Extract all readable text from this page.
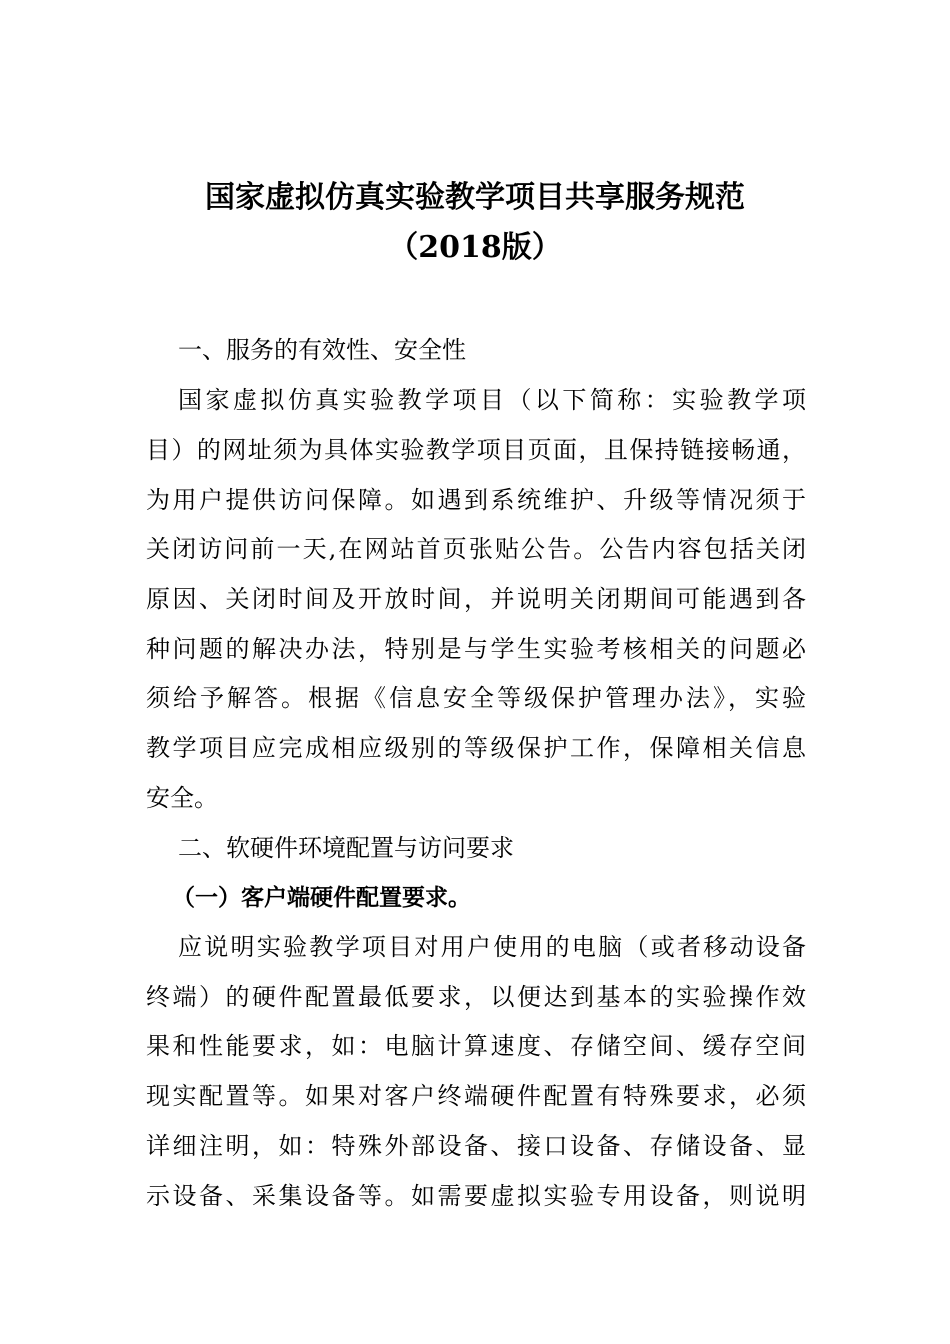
国家虚拟仿真实验教学项目共享服务规范
（2018版）
一、服务的有效性、安全性
国家虚拟仿真实验教学项目（以下简称：实验教学项
目）的网址须为具体实验教学项目页面，且保持链接畅通，
为用户提供访问保障。如遇到系统维护、升级等情况须于
关闭访问前一天,在网站首页张贴公告。公告内容包括关闭
原因、关闭时间及开放时间，并说明关闭期间可能遇到各
种问题的解决办法，特别是与学生实验考核相关的问题必
须给予解答。根据《信息安全等级保护管理办法》，实验
教学项目应完成相应级别的等级保护工作，保障相关信息
安全。
二、软硬件环境配置与访问要求
（一）客户端硬件配置要求。
应说明实验教学项目对用户使用的电脑（或者移动设备
终端）的硬件配置最低要求，以便达到基本的实验操作效
果和性能要求，如：电脑计算速度、存储空间、缓存空间
现实配置等。如果对客户终端硬件配置有特殊要求，必须
详细注明，如：特殊外部设备、接口设备、存储设备、显
示设备、采集设备等。如需要虚拟实验专用设备，则说明
